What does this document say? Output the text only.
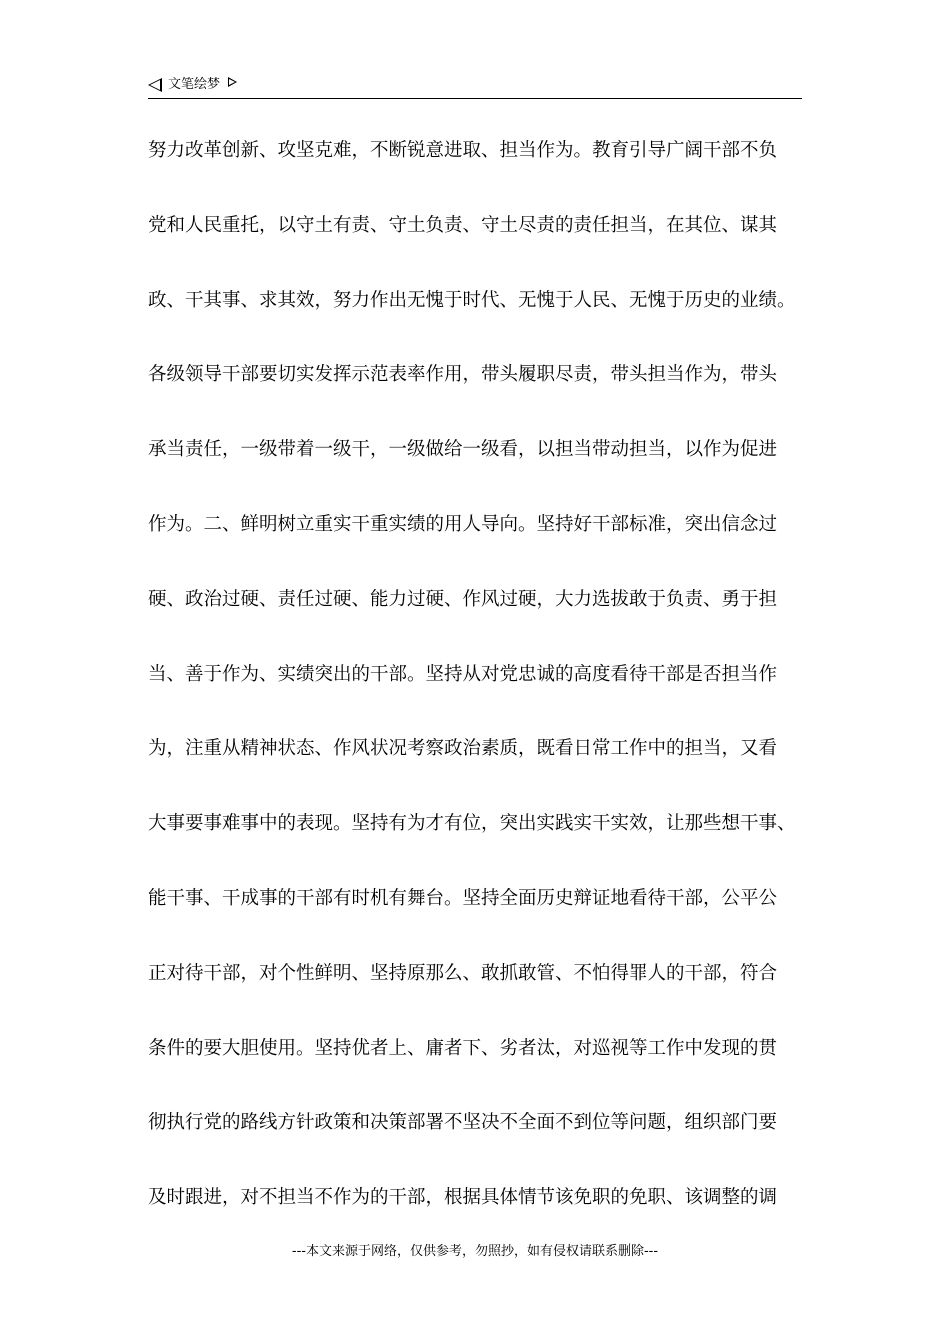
文笔绘梦
努力改革创新、攻坚克难，不断锐意进取、担当作为。教育引导广阔干部不负
党和人民重托，以守土有责、守土负责、守土尽责的责任担当，在其位、谋其
政、干其事、求其效，努力作出无愧于时代、无愧于人民、无愧于历史的业绩。
各级领导干部要切实发挥示范表率作用，带头履职尽责，带头担当作为，带头
承当责任，一级带着一级干，一级做给一级看，以担当带动担当，以作为促进
作为。二、鲜明树立重实干重实绩的用人导向。坚持好干部标准，突出信念过
硬、政治过硬、责任过硬、能力过硬、作风过硬，大力选拔敢于负责、勇于担
当、善于作为、实绩突出的干部。坚持从对党忠诚的高度看待干部是否担当作
为，注重从精神状态、作风状况考察政治素质，既看日常工作中的担当，又看
大事要事难事中的表现。坚持有为才有位，突出实践实干实效，让那些想干事、
能干事、干成事的干部有时机有舞台。坚持全面历史辩证地看待干部，公平公
正对待干部，对个性鲜明、坚持原那么、敢抓敢管、不怕得罪人的干部，符合
条件的要大胆使用。坚持优者上、庸者下、劣者汰，对巡视等工作中发现的贯
彻执行党的路线方针政策和决策部署不坚决不全面不到位等问题，组织部门要
及时跟进，对不担当不作为的干部，根据具体情节该免职的免职、该调整的调
---本文来源于网络，仅供参考，勿照抄，如有侵权请联系删除---
